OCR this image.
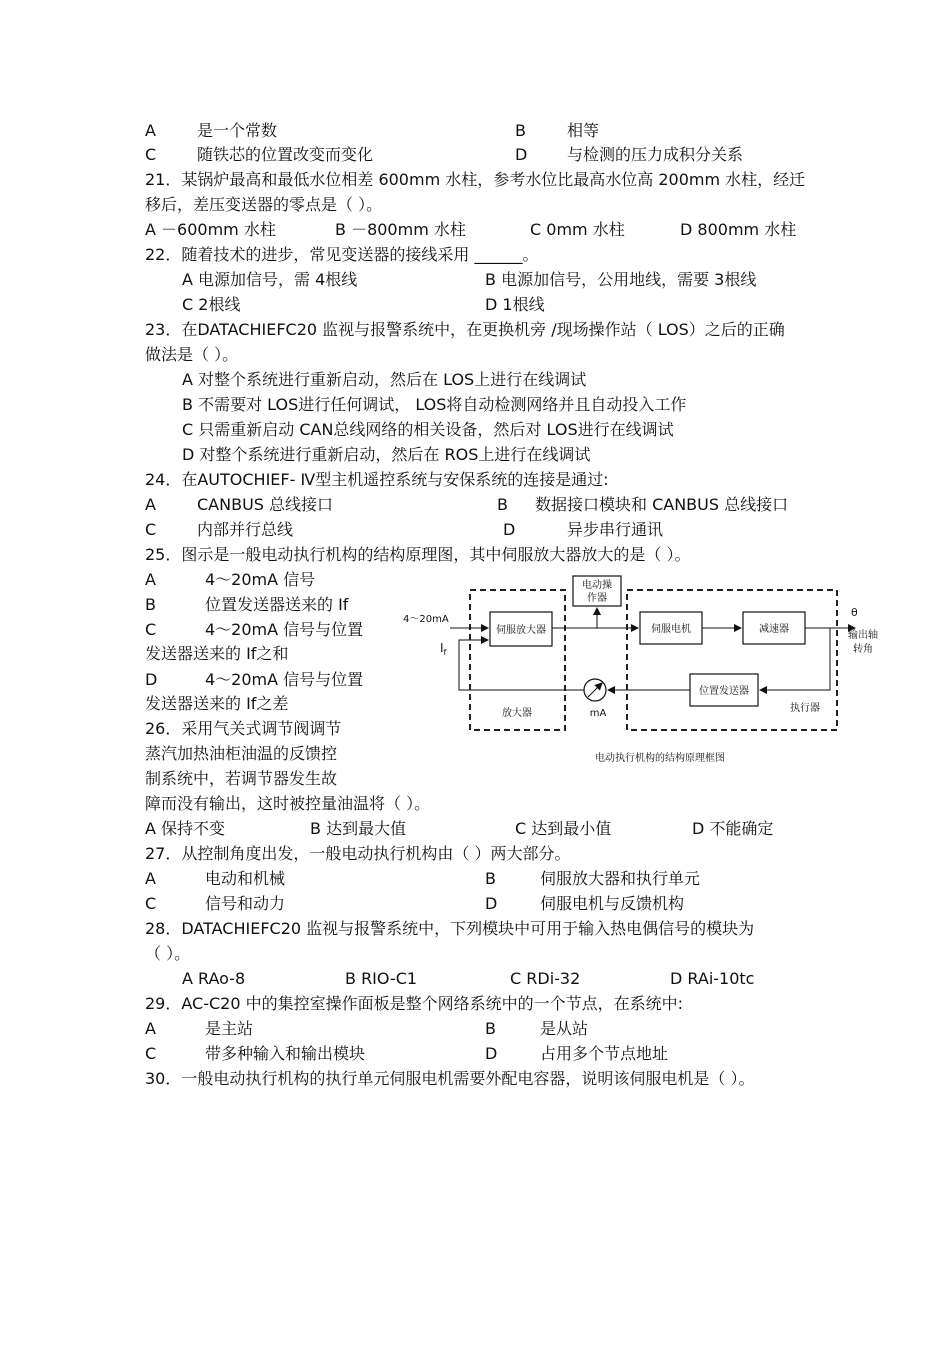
A	是一个常数	B	相等
C	随铁芯的位置改变而变化	D 与检测的压力成积分关系
21．某锅炉最高和最低水位相差 600mm 水柱，参考水位比最高水位高 200mm 水柱，经迁
移后，差压变送器的零点是（ ）。
A －600mm 水柱	B －800mm 水柱	C 0mm 水柱	D 800mm 水柱
22．随着技术的进步，常见变送器的接线采用 ______。
A 电源加信号，需 4根线	B 电源加信号，公用地线，需要 3根线
C 2根线	D 1根线
23．在DATACHIEFC20 监视与报警系统中，在更换机旁 /现场操作站（ LOS）之后的正确
做法是（ ）。
A 对整个系统进行重新启动，然后在 LOS上进行在线调试
B 不需要对 LOS进行任何调试， LOS将自动检测网络并且自动投入工作
C 只需重新启动 CAN总线网络的相关设备，然后对 LOS进行在线调试
D 对整个系统进行重新启动，然后在 ROS上进行在线调试
24．在AUTOCHIEF- Ⅳ型主机遥控系统与安保系统的连接是通过:
A	CANBUS 总线接口	B 数据接口模块和 CANBUS 总线接口
C	内部并行总线	D	异步串行通讯
25．图示是一般电动执行机构的结构原理图，其中伺服放大器放大的是（ ）。
A	4～20mA 信号
B	位置发送器送来的 If
C	4～20mA 信号与位置
发送器送来的 If之和
D	4～20mA 信号与位置
发送器送来的 If之差
26．采用气关式调节阀调节
蒸汽加热油柜油温的反馈控
制系统中，若调节器发生故
障而没有输出，这时被控量油温将（ ）。
A 保持不变	B 达到最大值	C 达到最小值	D 不能确定
27．从控制角度出发，一般电动执行机构由（ ）两大部分。
A	电动和机械	B	伺服放大器和执行单元
C	信号和动力	D	伺服电机与反馈机构
28．DATACHIEFC20 监视与报警系统中，下列模块中可用于输入热电偶信号的模块为
（ ）。
A RAo-8	B RIO-C1	C RDi-32	D RAi-10tc
29．AC-C20 中的集控室操作面板是整个网络系统中的一个节点，在系统中:
A	是主站	B	是从站
C	带多种输入和输出模块	D	占用多个节点地址
30．一般电动执行机构的执行单元伺服电机需要外配电容器，说明该伺服电机是（ ）。
4～20mA
$I_f$
电动操
作器
伺服放大器	伺服电机	减速器
位置发送器
mA
放大器	执行器
θ
输出轴
转角
电动执行机构的结构原理框图
